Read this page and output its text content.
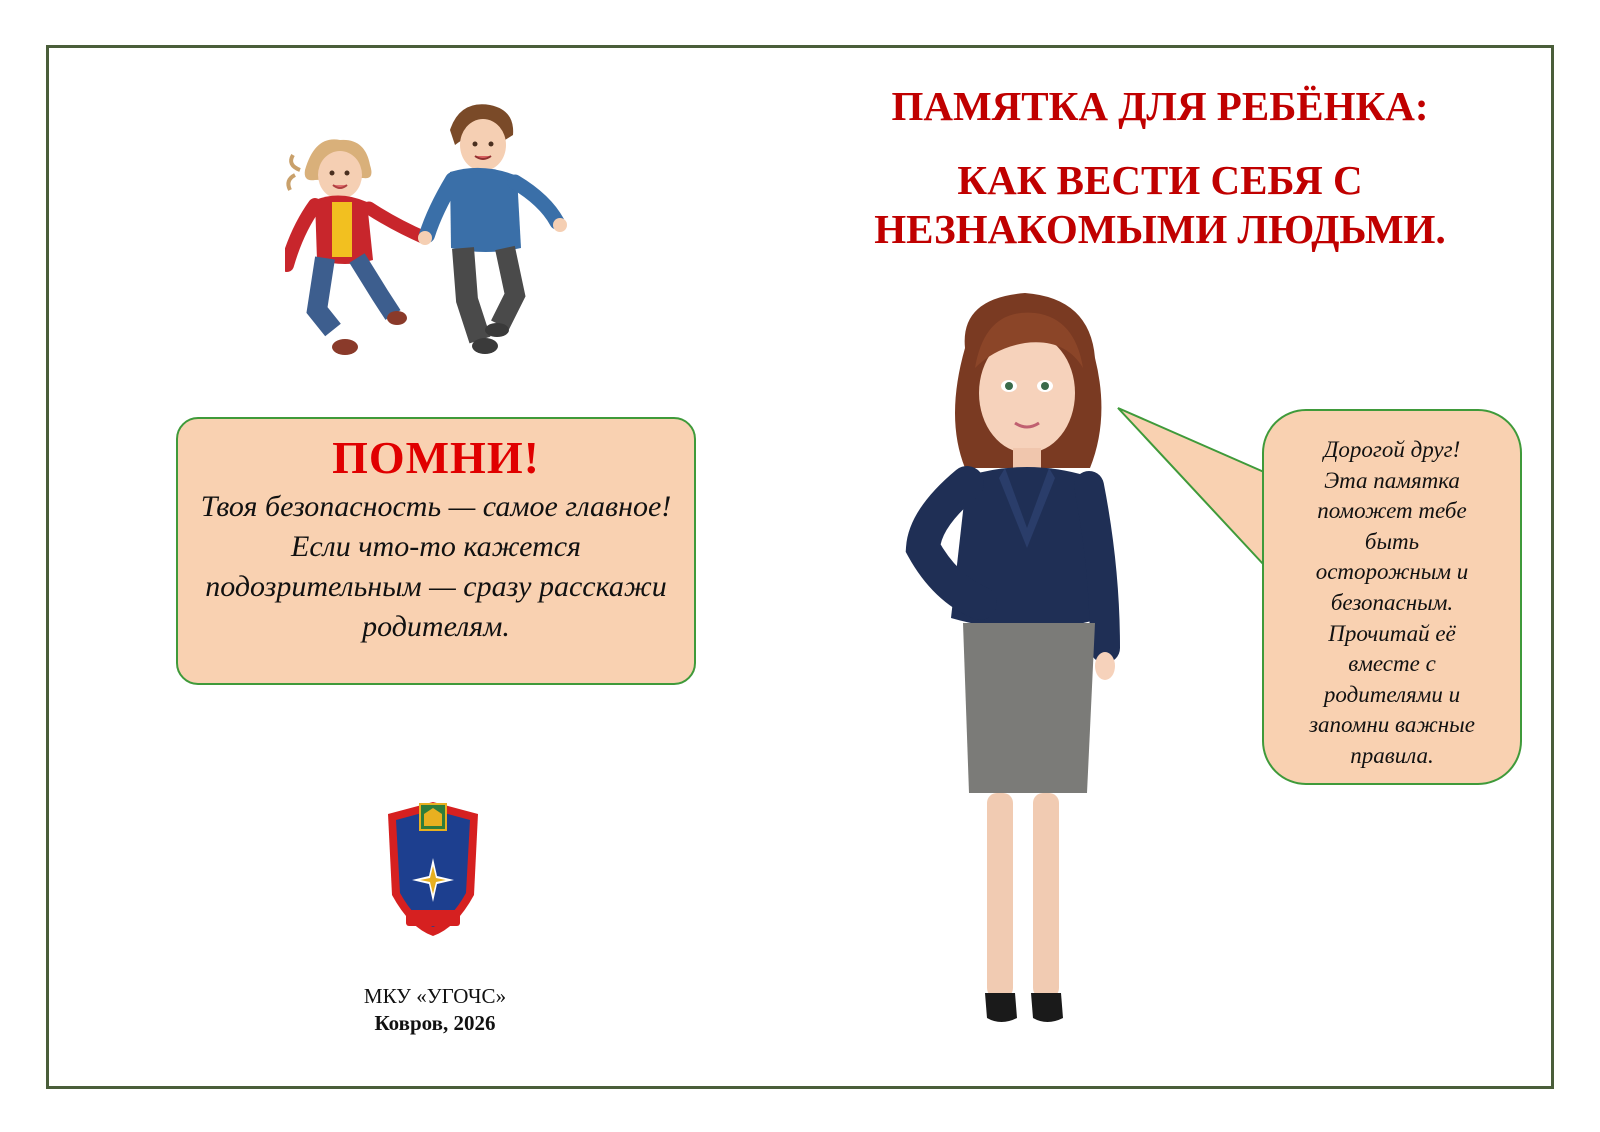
ПАМЯТКА ДЛЯ РЕБЁНКА:
КАК ВЕСТИ СЕБЯ С НЕЗНАКОМЫМИ ЛЮДЬМИ.
ПОМНИ!
Твоя безопасность — самое главное! Если что-то кажется подозрительным — сразу расскажи родителям.
МКУ «УГОЧС»
Ковров, 2026
Дорогой друг!
Эта памятка
поможет тебе
быть
осторожным и
безопасным.
Прочитай её
вместе с
родителями и
запомни важные
правила.
